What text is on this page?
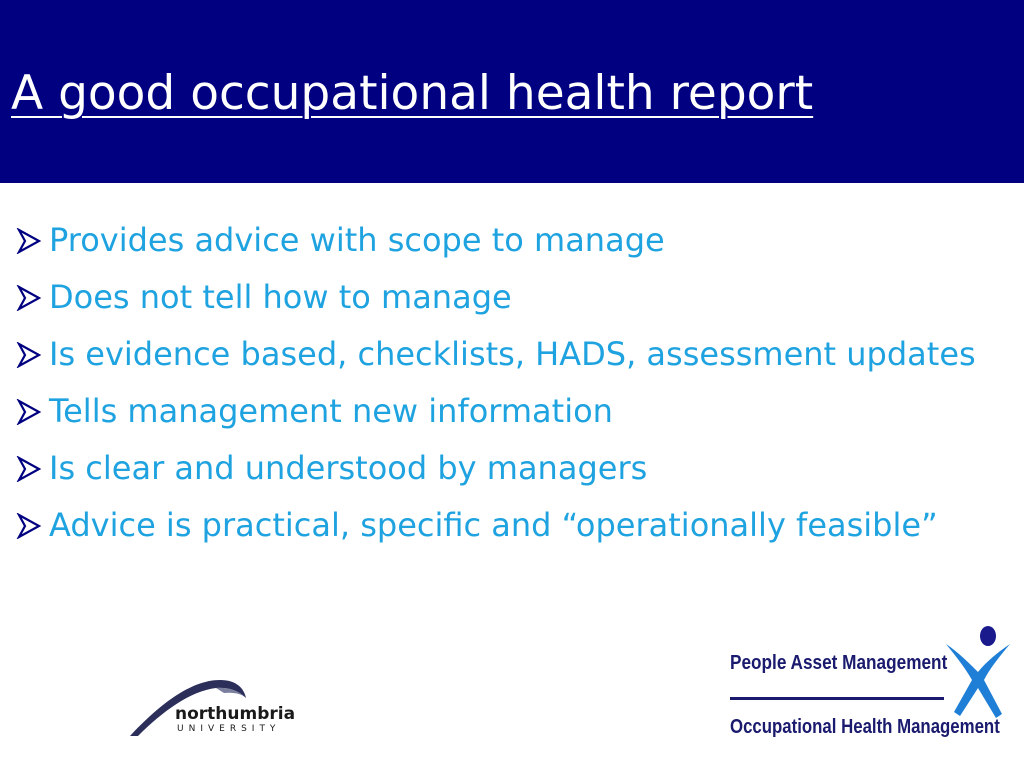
A good occupational health report
Provides advice with scope to manage
Does not tell how to manage
Is evidence based, checklists, HADS, assessment updates
Tells management new information
Is clear and understood by managers
Advice is practical, specific and “operationally feasible”
northumbria
UNIVERSITY
People Asset Management
Occupational Health Management
